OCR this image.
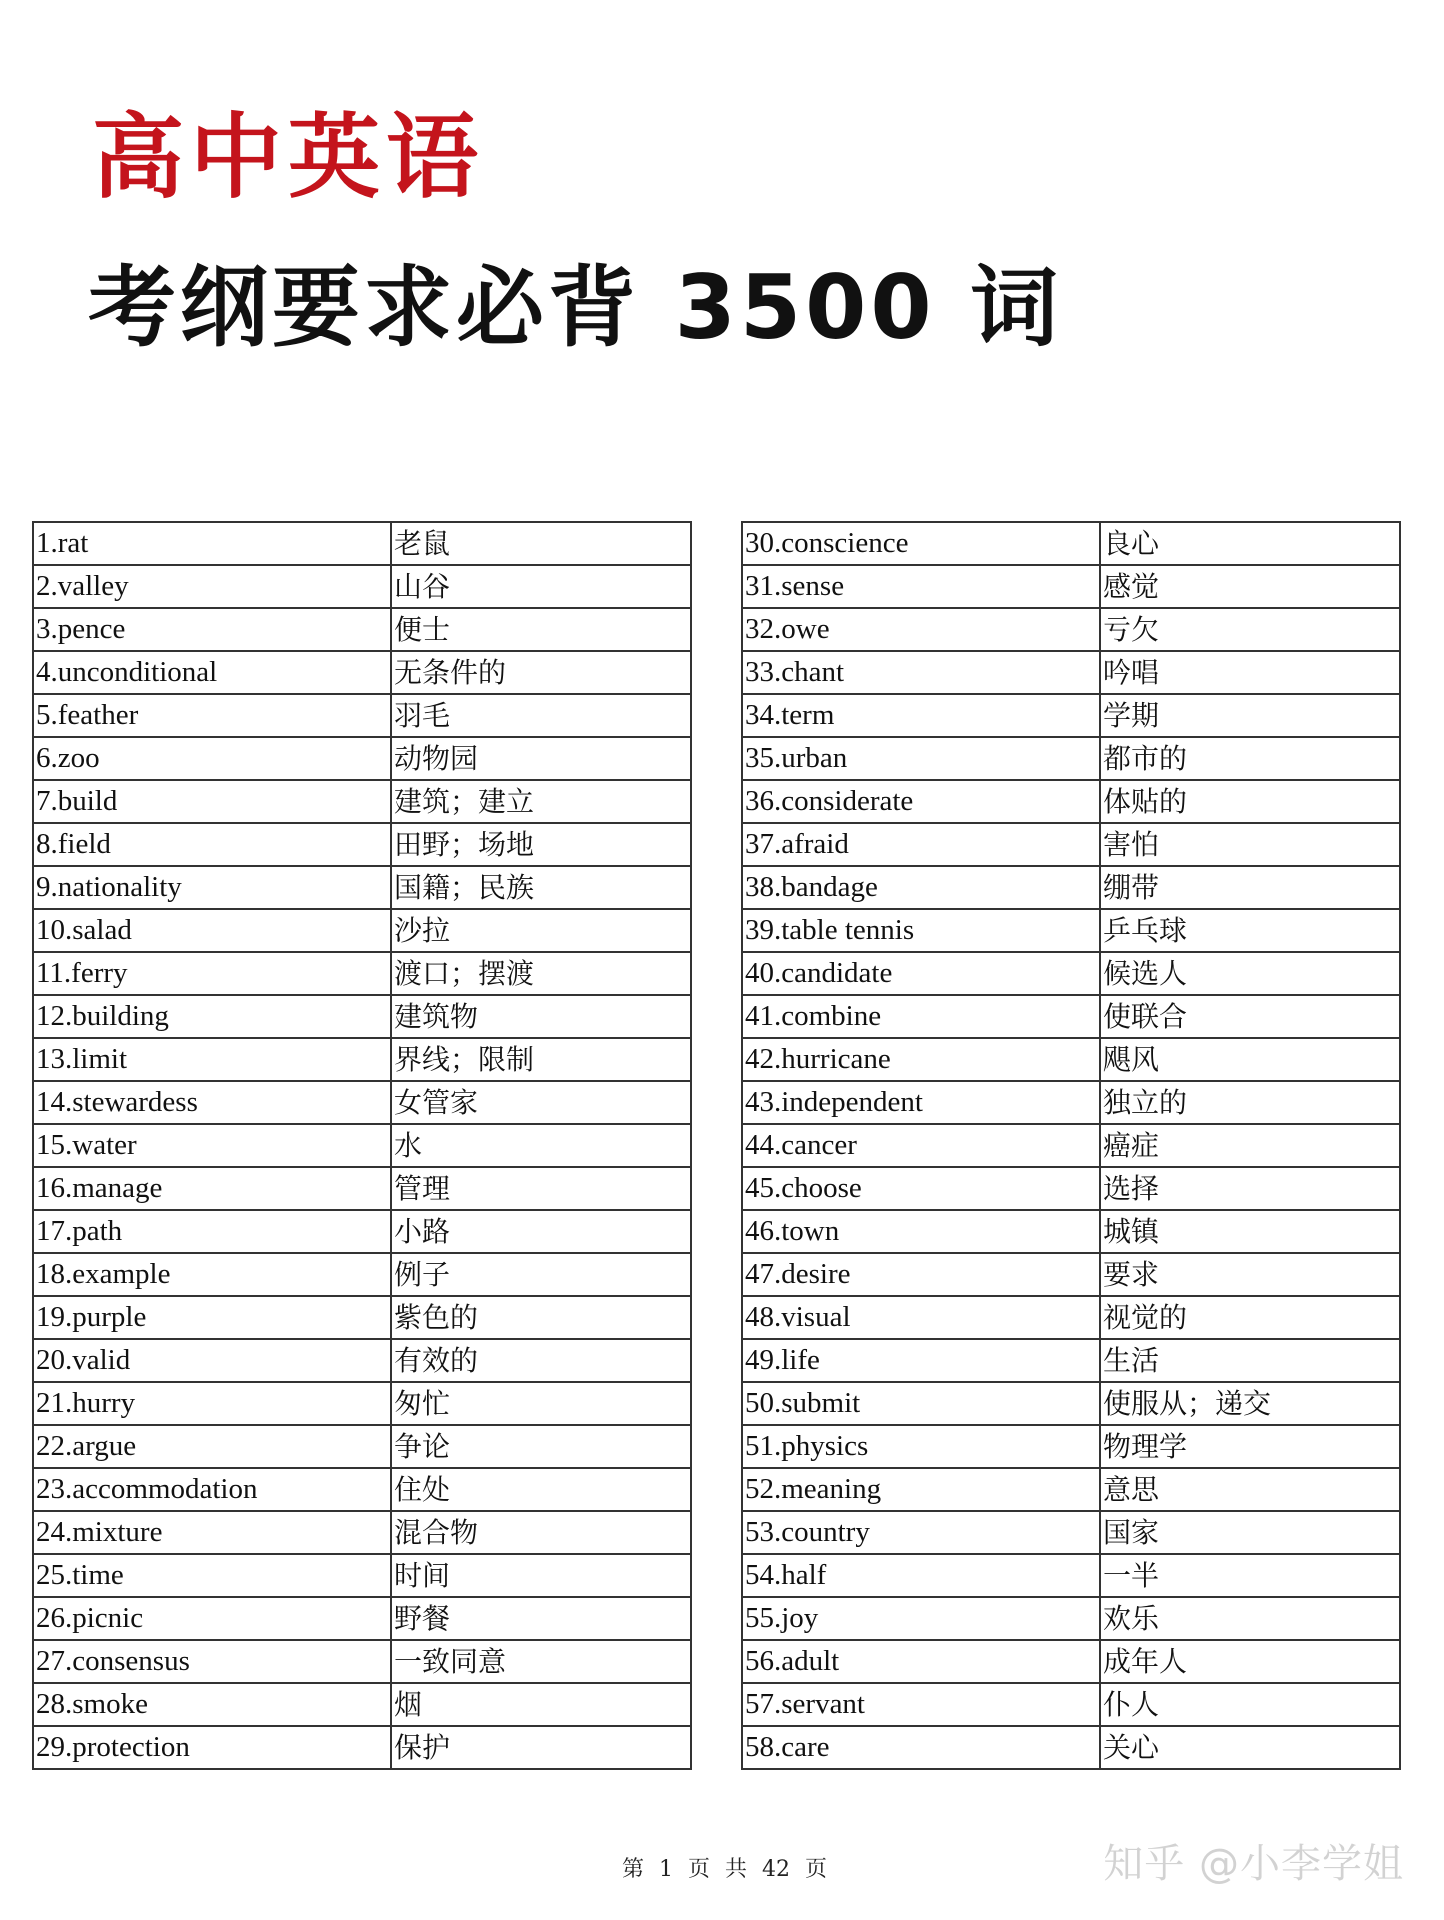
高中英语
考纲要求必背 3500 词
1.rat	老鼠
2.valley	山谷
3.pence	便士
4.unconditional	无条件的
5.feather	羽毛
6.zoo	动物园
7.build	建筑；建立
8.field	田野；场地
9.nationality	国籍；民族
10.salad	沙拉
11.ferry	渡口；摆渡
12.building	建筑物
13.limit	界线；限制
14.stewardess	女管家
15.water	水
16.manage	管理
17.path	小路
18.example	例子
19.purple	紫色的
20.valid	有效的
21.hurry	匆忙
22.argue	争论
23.accommodation	住处
24.mixture	混合物
25.time	时间
26.picnic	野餐
27.consensus	一致同意
28.smoke	烟
29.protection	保护
30.conscience	良心
31.sense	感觉
32.owe	亏欠
33.chant	吟唱
34.term	学期
35.urban	都市的
36.considerate	体贴的
37.afraid	害怕
38.bandage	绷带
39.table tennis	乒乓球
40.candidate	候选人
41.combine	使联合
42.hurricane	飓风
43.independent	独立的
44.cancer	癌症
45.choose	选择
46.town	城镇
47.desire	要求
48.visual	视觉的
49.life	生活
50.submit	使服从；递交
51.physics	物理学
52.meaning	意思
53.country	国家
54.half	一半
55.joy	欢乐
56.adult	成年人
57.servant	仆人
58.care	关心
第 1 页 共 42 页	知乎 @小李学姐
